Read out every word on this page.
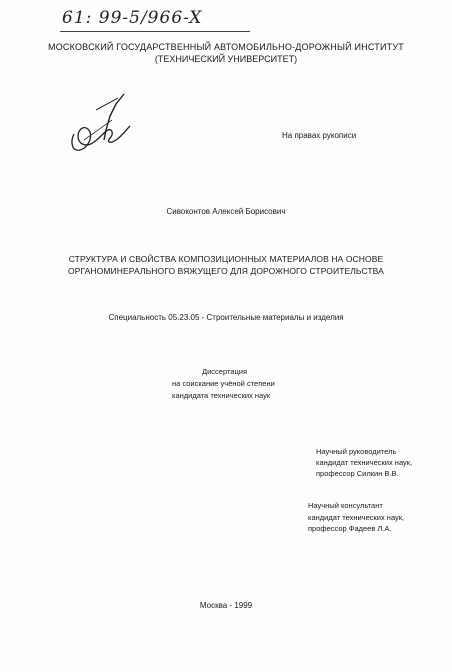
61: 99-5/966-X
МОСКОВСКИЙ ГОСУДАРСТВЕННЫЙ АВТОМОБИЛЬНО-ДОРОЖНЫЙ ИНСТИТУТ
(ТЕХНИЧЕСКИЙ УНИВЕРСИТЕТ)
На правах рукописи
Сивоконтов Алексей Борисович
СТРУКТУРА И СВОЙСТВА КОМПОЗИЦИОННЫХ МАТЕРИАЛОВ НА ОСНОВЕ
ОРГАНОМИНЕРАЛЬНОГО ВЯЖУЩЕГО ДЛЯ ДОРОЖНОГО СТРОИТЕЛЬСТВА
Специальность 05.23.05 - Строительные материалы и изделия
Диссертация
на соискание учёной степени
кандидата технических наук
Научный руководитель
кандидат технических наук,
профессор Силкин В.В.
Научный консультант
кандидат технических наук,
профессор Фадеев Л.А.
Москва - 1999
